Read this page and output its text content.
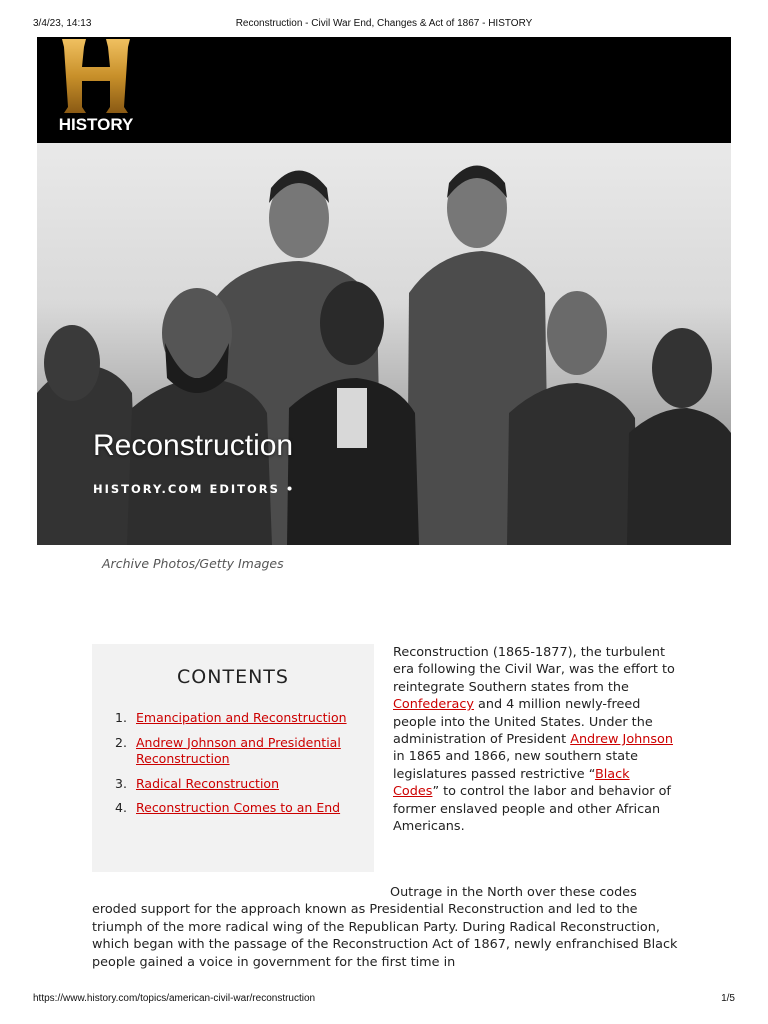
3/4/23, 14:13	Reconstruction - Civil War End, Changes & Act of 1867 - HISTORY
HISTORY
Reconstruction
HISTORY.COM EDITORS •
Archive Photos/Getty Images
CONTENTS
1. Emancipation and Reconstruction
2. Andrew Johnson and Presidential Reconstruction
3. Radical Reconstruction
4. Reconstruction Comes to an End
Reconstruction (1865-1877), the turbulent era following the Civil War, was the effort to reintegrate Southern states from the Confederacy and 4 million newly-freed people into the United States. Under the administration of President Andrew Johnson in 1865 and 1866, new southern state legislatures passed restrictive “Black Codes” to control the labor and behavior of former enslaved people and other African Americans.
Outrage in the North over these codes eroded support for the approach known as Presidential Reconstruction and led to the triumph of the more radical wing of the Republican Party. During Radical Reconstruction, which began with the passage of the Reconstruction Act of 1867, newly enfranchised Black people gained a voice in government for the first time in
https://www.history.com/topics/american-civil-war/reconstruction	1/5
